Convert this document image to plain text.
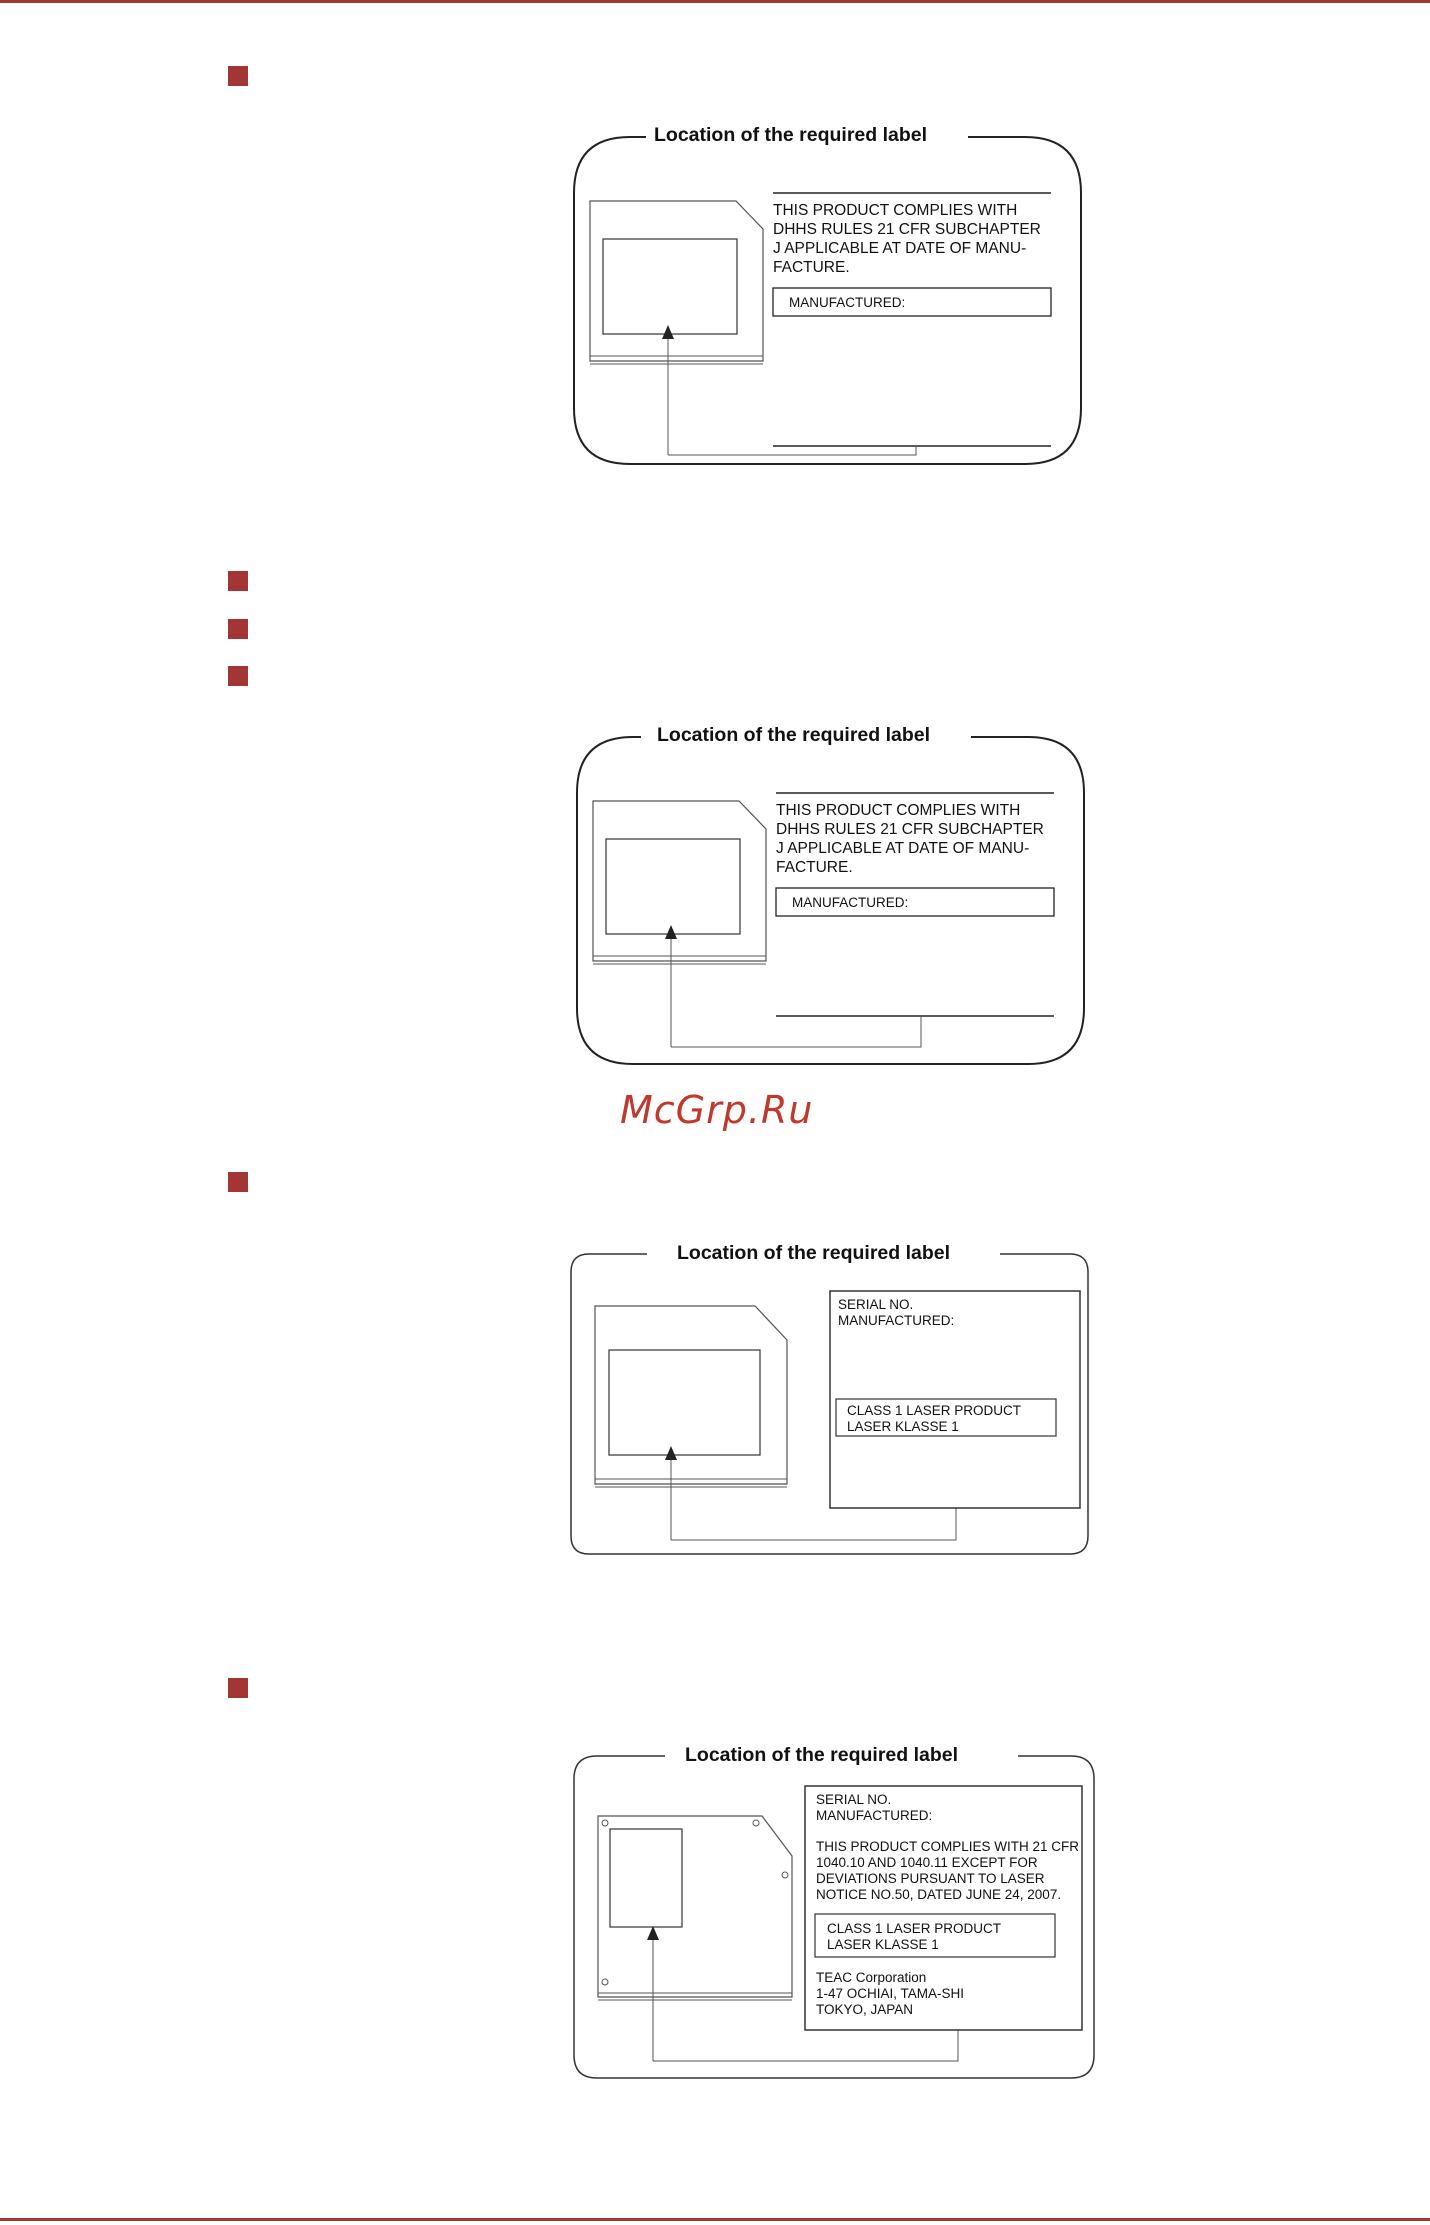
Location of the required label
THIS PRODUCT COMPLIES WITH
DHHS RULES 21 CFR SUBCHAPTER
J APPLICABLE AT DATE OF MANU-
FACTURE.
MANUFACTURED:
Location of the required label
THIS PRODUCT COMPLIES WITH
DHHS RULES 21 CFR SUBCHAPTER
J APPLICABLE AT DATE OF MANU-
FACTURE.
MANUFACTURED:
McGrp.Ru
Location of the required label
SERIAL NO.
MANUFACTURED:
CLASS 1 LASER PRODUCT
LASER KLASSE 1
Location of the required label
SERIAL NO.
MANUFACTURED:
THIS PRODUCT COMPLIES WITH 21 CFR
1040.10 AND 1040.11 EXCEPT FOR
DEVIATIONS PURSUANT TO LASER
NOTICE NO.50, DATED JUNE 24, 2007.
CLASS 1 LASER PRODUCT
LASER KLASSE 1
TEAC Corporation
1-47 OCHIAI, TAMA-SHI
TOKYO, JAPAN
